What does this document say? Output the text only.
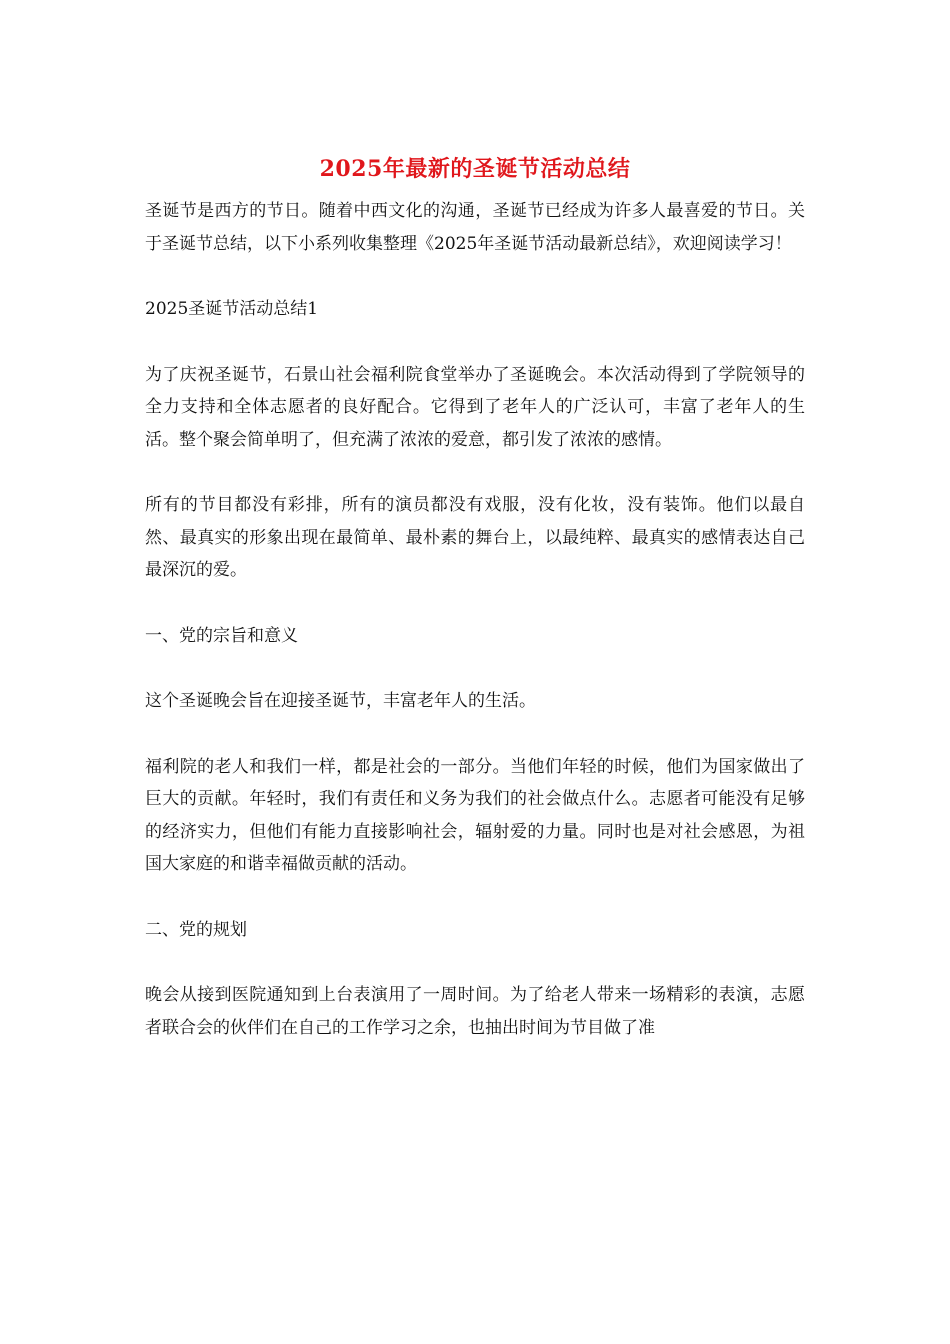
2025年最新的圣诞节活动总结

圣诞节是西方的节日。随着中西文化的沟通，圣诞节已经成为许多人最喜爱的节日。关于圣诞节总结，以下小系列收集整理《2025年圣诞节活动最新总结》，欢迎阅读学习！

2025圣诞节活动总结1

为了庆祝圣诞节，石景山社会福利院食堂举办了圣诞晚会。本次活动得到了学院领导的全力支持和全体志愿者的良好配合。它得到了老年人的广泛认可，丰富了老年人的生活。整个聚会简单明了，但充满了浓浓的爱意，都引发了浓浓的感情。

所有的节目都没有彩排，所有的演员都没有戏服，没有化妆，没有装饰。他们以最自然、最真实的形象出现在最简单、最朴素的舞台上，以最纯粹、最真实的感情表达自己最深沉的爱。

一、党的宗旨和意义

这个圣诞晚会旨在迎接圣诞节，丰富老年人的生活。

福利院的老人和我们一样，都是社会的一部分。当他们年轻的时候，他们为国家做出了巨大的贡献。年轻时，我们有责任和义务为我们的社会做点什么。志愿者可能没有足够的经济实力，但他们有能力直接影响社会，辐射爱的力量。同时也是对社会感恩，为祖国大家庭的和谐幸福做贡献的活动。

二、党的规划

晚会从接到医院通知到上台表演用了一周时间。为了给老人带来一场精彩的表演，志愿者联合会的伙伴们在自己的工作学习之余，也抽出时间为节目做了准
